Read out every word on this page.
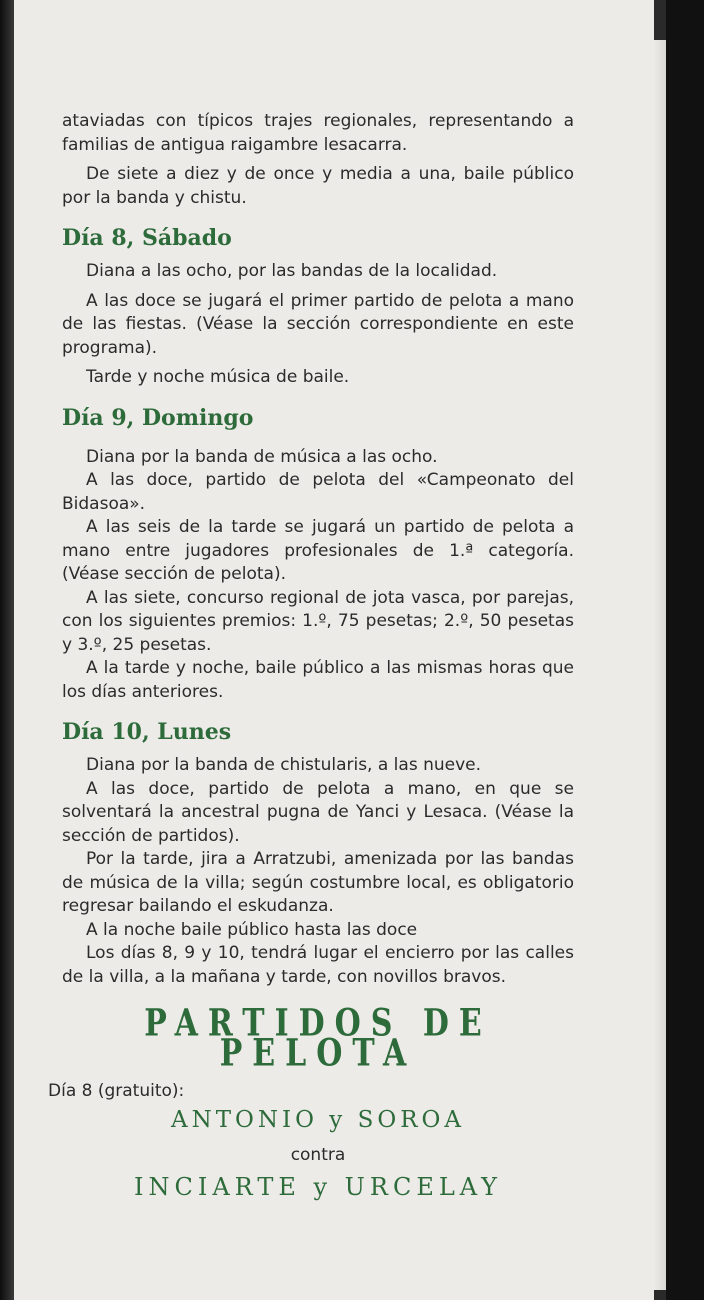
ataviadas con típicos trajes regionales, representando a familias de antigua raigambre lesacarra.

De siete a diez y de once y media a una, baile público por la banda y chistu.

Día 8, Sábado

Diana a las ocho, por las bandas de la localidad.

A las doce se jugará el primer partido de pelota a mano de las fiestas. (Véase la sección correspondiente en este programa).

Tarde y noche música de baile.

Día 9, Domingo

Diana por la banda de música a las ocho.

A las doce, partido de pelota del «Campeonato del Bidasoa».

A las seis de la tarde se jugará un partido de pelota a mano entre jugadores profesionales de 1.ª categoría. (Véase sección de pelota).

A las siete, concurso regional de jota vasca, por parejas, con los siguientes premios: 1.º, 75 pesetas; 2.º, 50 pesetas y 3.º, 25 pesetas.

A la tarde y noche, baile público a las mismas horas que los días anteriores.

Día 10, Lunes

Diana por la banda de chistularis, a las nueve.

A las doce, partido de pelota a mano, en que se solventará la ancestral pugna de Yanci y Lesaca. (Véase la sección de partidos).

Por la tarde, jira a Arratzubi, amenizada por las bandas de música de la villa; según costumbre local, es obligatorio regresar bailando el eskudanza.

A la noche baile público hasta las doce

Los días 8, 9 y 10, tendrá lugar el encierro por las calles de la villa, a la mañana y tarde, con novillos bravos.

PARTIDOS DE PELOTA

Día 8 (gratuito):

ANTONIO y SOROA
contra
INCIARTE y URCELAY
